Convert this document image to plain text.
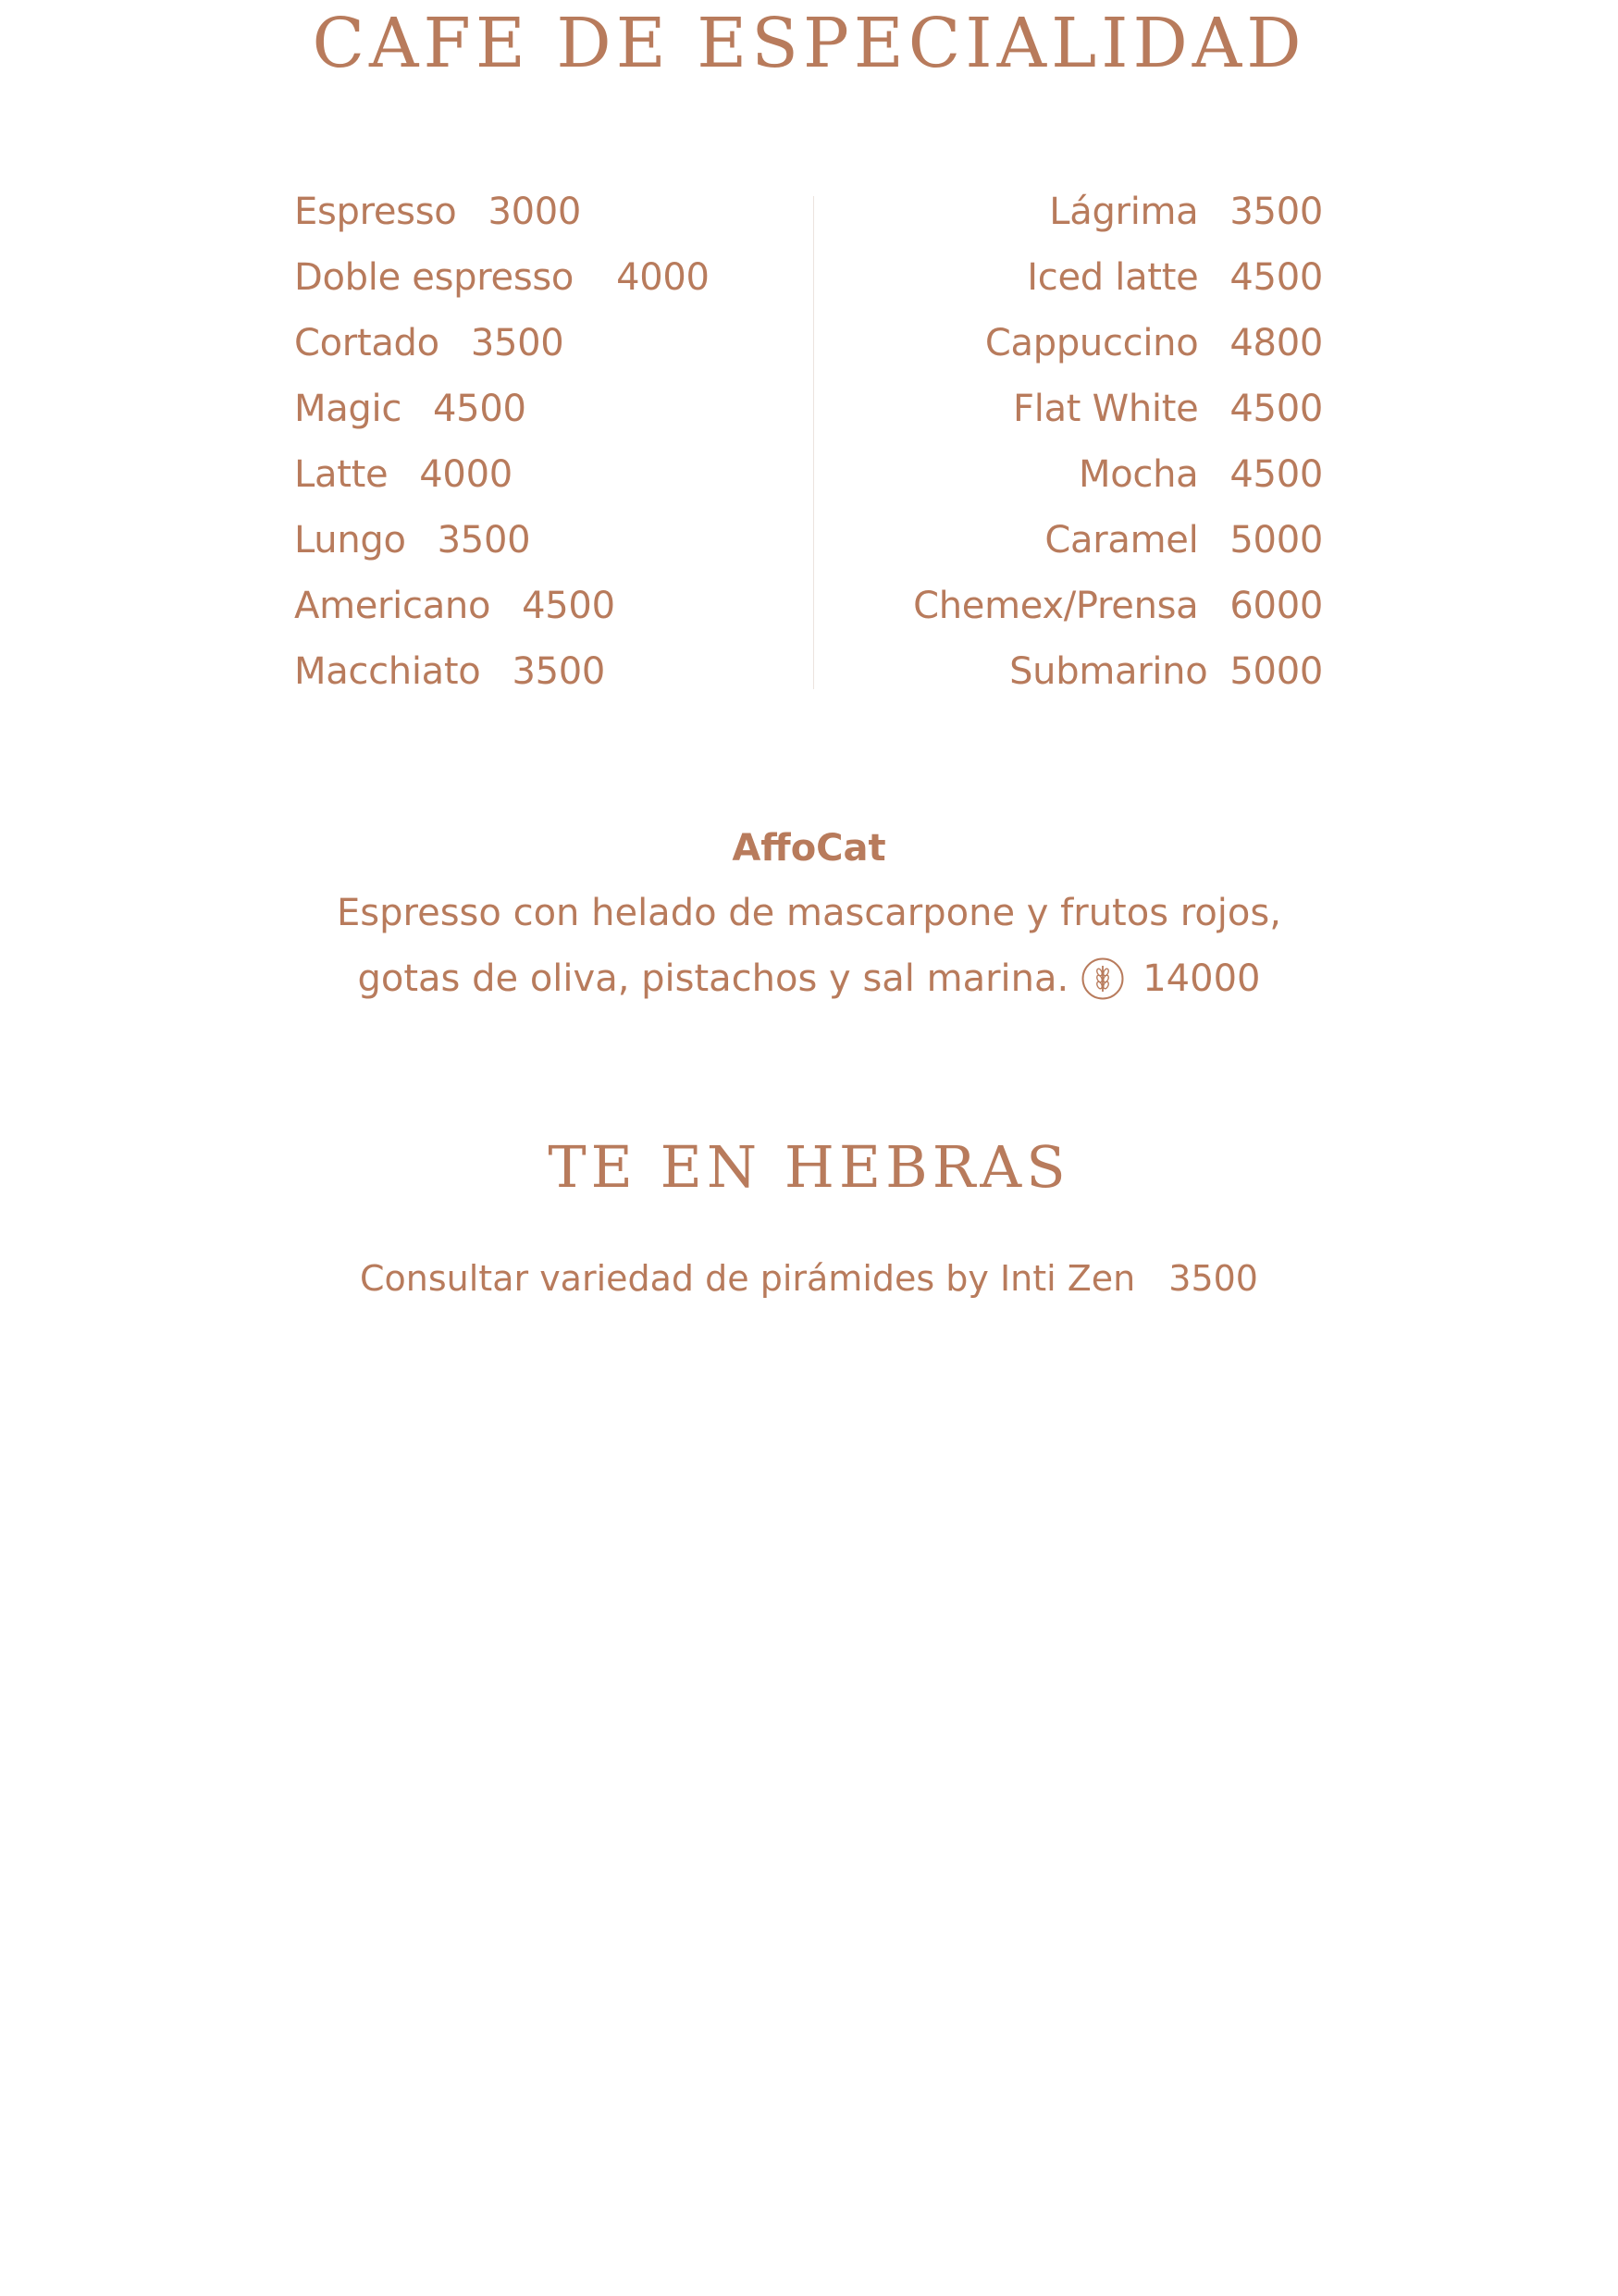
CAFE DE ESPECIALIDAD
Espresso 3000
Doble espresso 4000
Cortado 3500
Magic 4500
Latte 4000
Lungo 3500
Americano 4500
Macchiato 3500
Lágrima 3500
Iced latte 4500
Cappuccino 4800
Flat White 4500
Mocha 4500
Caramel 5000
Chemex/Prensa 6000
Submarino 5000
AffoCat
Espresso con helado de mascarpone y frutos rojos,
gotas de oliva, pistachos y sal marina. 14000
TE EN HEBRAS
Consultar variedad de pirámides by Inti Zen 3500
